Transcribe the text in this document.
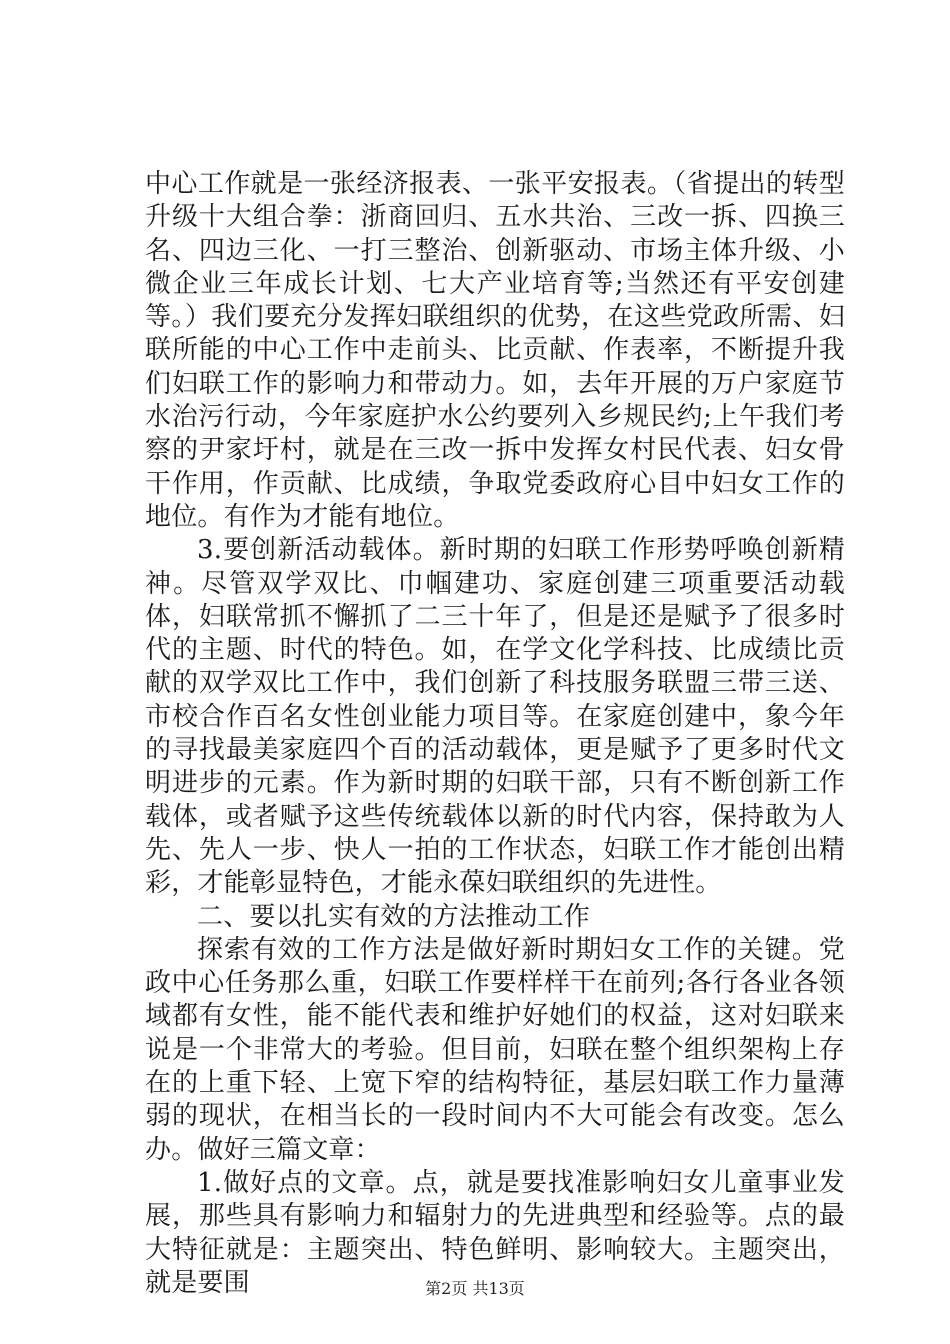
中心工作就是一张经济报表、一张平安报表。（省提出的转型升级十大组合拳：浙商回归、五水共治、三改一拆、四换三名、四边三化、一打三整治、创新驱动、市场主体升级、小微企业三年成长计划、七大产业培育等;当然还有平安创建等。）我们要充分发挥妇联组织的优势，在这些党政所需、妇联所能的中心工作中走前头、比贡献、作表率，不断提升我们妇联工作的影响力和带动力。如，去年开展的万户家庭节水治污行动，今年家庭护水公约要列入乡规民约;上午我们考察的尹家圩村，就是在三改一拆中发挥女村民代表、妇女骨干作用，作贡献、比成绩，争取党委政府心目中妇女工作的地位。有作为才能有地位。

3.要创新活动载体。新时期的妇联工作形势呼唤创新精神。尽管双学双比、巾帼建功、家庭创建三项重要活动载体，妇联常抓不懈抓了二三十年了，但是还是赋予了很多时代的主题、时代的特色。如，在学文化学科技、比成绩比贡献的双学双比工作中，我们创新了科技服务联盟三带三送、市校合作百名女性创业能力项目等。在家庭创建中，象今年的寻找最美家庭四个百的活动载体，更是赋予了更多时代文明进步的元素。作为新时期的妇联干部，只有不断创新工作载体，或者赋予这些传统载体以新的时代内容，保持敢为人先、先人一步、快人一拍的工作状态，妇联工作才能创出精彩，才能彰显特色，才能永葆妇联组织的先进性。

二、要以扎实有效的方法推动工作

探索有效的工作方法是做好新时期妇女工作的关键。党政中心任务那么重，妇联工作要样样干在前列;各行各业各领域都有女性，能不能代表和维护好她们的权益，这对妇联来说是一个非常大的考验。但目前，妇联在整个组织架构上存在的上重下轻、上宽下窄的结构特征，基层妇联工作力量薄弱的现状，在相当长的一段时间内不大可能会有改变。怎么办。做好三篇文章：

1.做好点的文章。点，就是要找准影响妇女儿童事业发展，那些具有影响力和辐射力的先进典型和经验等。点的最大特征就是：主题突出、特色鲜明、影响较大。主题突出，就是要围	第2页 共13页
